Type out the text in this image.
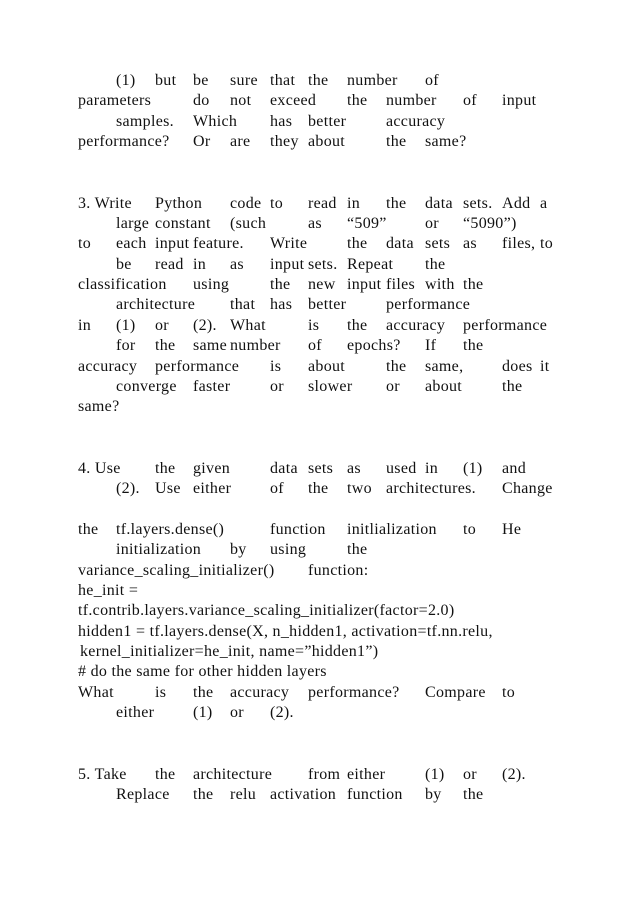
(1) but be sure that the number of
parameters	do not exceed the number of input
samples. Which has better accuracy
performance? Or are they about	the same?
3. Write Python code to read in the data sets. Add a
large constant (such	as “509” or “5090”)
to each input feature. Write the data sets as files, to
be read in as input sets. Repeat the
classification using	the new input files with the
architecture that has better performance
in (1) or (2). What	is the accuracy performance
for the same number of epochs? If the
accuracy performance is about	the same, does it
converge faster or slower or about the
same?
4. Use the given data sets as used in (1) and
(2). Use either of the two architectures. Change
the tf.layers.dense()	function initlialization to He
initialization by using	the
variance_scaling_initializer() function:
he_init =
tf.contrib.layers.variance_scaling_initializer(factor=2.0)
hidden1 = tf.layers.dense(X, n_hidden1, activation=tf.nn.relu,
kernel_initializer=he_init, name=”hidden1”)
# do the same for other hidden layers
What	is the accuracy performance? Compare to
either (1) or (2).
5. Take the architecture from either (1) or (2).
Replace the relu activation function by the
